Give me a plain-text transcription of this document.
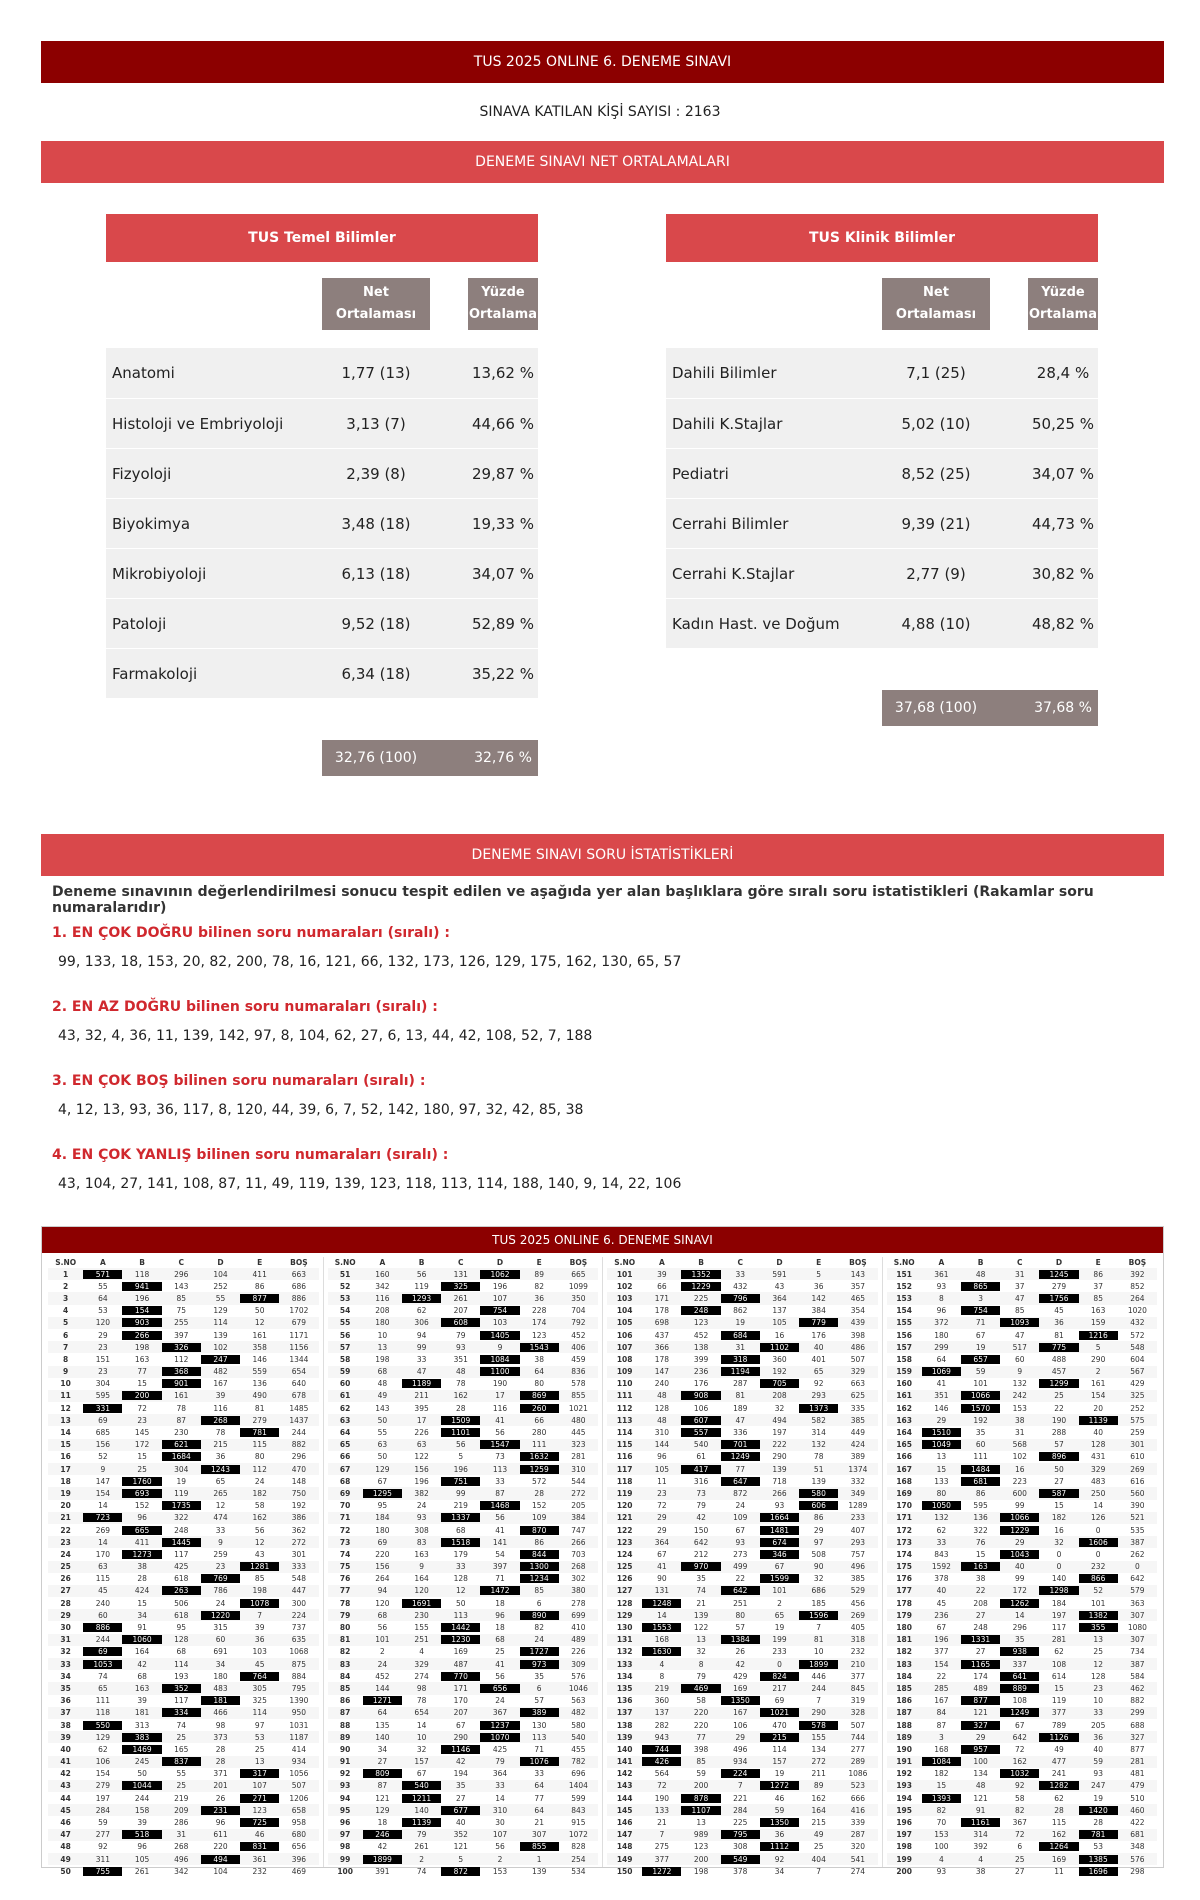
TUS 2025 ONLINE 6. DENEME SINAVI
SINAVA KATILAN KİŞİ SAYISI : 2163
DENEME SINAVI NET ORTALAMALARI
TUS Temel Bilimler
Net Ortalaması (Soru Sayısı)
Yüzde Ortalama
Anatomi	1,77 (13)	13,62 %
Histoloji ve Embriyoloji	3,13 (7)	44,66 %
Fizyoloji	2,39 (8)	29,87 %
Biyokimya	3,48 (18)	19,33 %
Mikrobiyoloji	6,13 (18)	34,07 %
Patoloji	9,52 (18)	52,89 %
Farmakoloji	6,34 (18)	35,22 %
32,76 (100)	32,76 %
TUS Klinik Bilimler
Net Ortalaması (Soru Sayısı)
Yüzde Ortalama
Dahili Bilimler	7,1 (25)	28,4 %
Dahili K.Stajlar	5,02 (10)	50,25 %
Pediatri	8,52 (25)	34,07 %
Cerrahi Bilimler	9,39 (21)	44,73 %
Cerrahi K.Stajlar	2,77 (9)	30,82 %
Kadın Hast. ve Doğum	4,88 (10)	48,82 %
37,68 (100)	37,68 %
DENEME SINAVI SORU İSTATİSTİKLERİ
Deneme sınavının değerlendirilmesi sonucu tespit edilen ve aşağıda yer alan başlıklara göre sıralı soru istatistikleri (Rakamlar soru numaralarıdır)
1. EN ÇOK DOĞRU bilinen soru numaraları (sıralı) :
99, 133, 18, 153, 20, 82, 200, 78, 16, 121, 66, 132, 173, 126, 129, 175, 162, 130, 65, 57
2. EN AZ DOĞRU bilinen soru numaraları (sıralı) :
43, 32, 4, 36, 11, 139, 142, 97, 8, 104, 62, 27, 6, 13, 44, 42, 108, 52, 7, 188
3. EN ÇOK BOŞ bilinen soru numaraları (sıralı) :
4, 12, 13, 93, 36, 117, 8, 120, 44, 39, 6, 7, 52, 142, 180, 97, 32, 42, 85, 38
4. EN ÇOK YANLIŞ bilinen soru numaraları (sıralı) :
43, 104, 27, 141, 108, 87, 11, 49, 119, 139, 123, 118, 113, 114, 188, 140, 9, 14, 22, 106
TUS 2025 ONLINE 6. DENEME SINAVI
S.NO	A	B	C	D	E	BOŞ
1	571	118	296	104	411	663
2	55	941	143	252	86	686
3	64	196	85	55	877	886
4	53	154	75	129	50	1702
5	120	903	255	114	12	679
6	29	266	397	139	161	1171
7	23	198	326	102	358	1156
8	151	163	112	247	146	1344
9	23	77	368	482	559	654
10	304	15	901	167	136	640
11	595	200	161	39	490	678
12	331	72	78	116	81	1485
13	69	23	87	268	279	1437
14	685	145	230	78	781	244
15	156	172	621	215	115	882
16	52	15	1684	36	80	296
17	9	25	304	1243	112	470
18	147	1760	19	65	24	148
19	154	693	119	265	182	750
20	14	152	1735	12	58	192
21	723	96	322	474	162	386
22	269	665	248	33	56	362
23	14	411	1445	9	12	272
24	170	1273	117	259	43	301
25	63	38	425	23	1281	333
26	115	28	618	769	85	548
27	45	424	263	786	198	447
28	240	15	506	24	1078	300
29	60	34	618	1220	7	224
30	886	91	95	315	39	737
31	244	1060	128	60	36	635
32	69	164	68	691	103	1068
33	1053	42	114	34	45	875
34	74	68	193	180	764	884
35	65	163	352	483	305	795
36	111	39	117	181	325	1390
37	118	181	334	466	114	950
38	550	313	74	98	97	1031
39	129	383	25	373	53	1187
40	62	1469	165	28	25	414
41	106	245	837	28	13	934
42	154	50	55	371	317	1056
43	279	1044	25	201	107	507
44	197	244	219	26	271	1206
45	284	158	209	231	123	658
46	59	39	286	96	725	958
47	277	518	31	611	46	680
48	92	96	268	220	831	656
49	311	105	496	494	361	396
50	755	261	342	104	232	469
S.NO	A	B	C	D	E	BOŞ
51	160	56	131	1062	89	665
52	342	119	325	196	82	1099
53	116	1293	261	107	36	350
54	208	62	207	754	228	704
55	180	306	608	103	174	792
56	10	94	79	1405	123	452
57	13	99	93	9	1543	406
58	198	33	351	1084	38	459
59	68	47	48	1100	64	836
60	48	1189	78	190	80	578
61	49	211	162	17	869	855
62	143	395	28	116	260	1021
63	50	17	1509	41	66	480
64	55	226	1101	56	280	445
65	63	63	56	1547	111	323
66	50	122	5	73	1632	281
67	129	156	196	113	1259	310
68	67	196	751	33	572	544
69	1295	382	99	87	28	272
70	95	24	219	1468	152	205
71	184	93	1337	56	109	384
72	180	308	68	41	870	747
73	69	83	1518	141	86	266
74	220	163	179	54	844	703
75	156	9	33	397	1300	268
76	264	164	128	71	1234	302
77	94	120	12	1472	85	380
78	120	1691	50	18	6	278
79	68	230	113	96	890	699
80	56	155	1442	18	82	410
81	101	251	1230	68	24	489
82	2	4	169	25	1727	226
83	24	329	487	41	973	309
84	452	274	770	56	35	576
85	144	98	171	656	6	1046
86	1271	78	170	24	57	563
87	64	654	207	367	389	482
88	135	14	67	1237	130	580
89	140	10	290	1070	113	540
90	34	32	1146	425	71	455
91	27	157	42	79	1076	782
92	809	67	194	364	33	696
93	87	540	35	33	64	1404
94	121	1211	27	14	77	599
95	129	140	677	310	64	843
96	18	1139	40	30	21	915
97	246	79	352	107	307	1072
98	42	261	121	56	855	828
99	1899	2	5	2	1	254
100	391	74	872	153	139	534
S.NO	A	B	C	D	E	BOŞ
101	39	1352	33	591	5	143
102	66	1229	432	43	36	357
103	171	225	796	364	142	465
104	178	248	862	137	384	354
105	698	123	19	105	779	439
106	437	452	684	16	176	398
107	366	138	31	1102	40	486
108	178	399	318	360	401	507
109	147	236	1194	192	65	329
110	240	176	287	705	92	663
111	48	908	81	208	293	625
112	128	106	189	32	1373	335
113	48	607	47	494	582	385
114	310	557	336	197	314	449
115	144	540	701	222	132	424
116	96	61	1249	290	78	389
117	105	417	77	139	51	1374
118	11	316	647	718	139	332
119	23	73	872	266	580	349
120	72	79	24	93	606	1289
121	29	42	109	1664	86	233
122	29	150	67	1481	29	407
123	364	642	93	674	97	293
124	67	212	273	346	508	757
125	41	970	499	67	90	496
126	90	35	22	1599	32	385
127	131	74	642	101	686	529
128	1248	21	251	2	185	456
129	14	139	80	65	1596	269
130	1553	122	57	19	7	405
131	168	13	1384	199	81	318
132	1630	32	26	233	10	232
133	4	8	42	0	1899	210
134	8	79	429	824	446	377
135	219	469	169	217	244	845
136	360	58	1350	69	7	319
137	137	220	167	1021	290	328
138	282	220	106	470	578	507
139	943	77	29	215	155	744
140	744	398	496	114	134	277
141	426	85	934	157	272	289
142	564	59	224	19	211	1086
143	72	200	7	1272	89	523
144	190	878	221	46	162	666
145	133	1107	284	59	164	416
146	21	13	225	1350	215	339
147	7	989	795	36	49	287
148	275	123	308	1112	25	320
149	377	200	549	92	404	541
150	1272	198	378	34	7	274
S.NO	A	B	C	D	E	BOŞ
151	361	48	31	1245	86	392
152	93	865	37	279	37	852
153	8	3	47	1756	85	264
154	96	754	85	45	163	1020
155	372	71	1093	36	159	432
156	180	67	47	81	1216	572
157	299	19	517	775	5	548
158	64	657	60	488	290	604
159	1069	59	9	457	2	567
160	41	101	132	1299	161	429
161	351	1066	242	25	154	325
162	146	1570	153	22	20	252
163	29	192	38	190	1139	575
164	1510	35	31	288	40	259
165	1049	60	568	57	128	301
166	13	111	102	896	431	610
167	15	1484	16	50	329	269
168	133	681	223	27	483	616
169	80	86	600	587	250	560
170	1050	595	99	15	14	390
171	132	136	1066	182	126	521
172	62	322	1229	16	0	535
173	33	76	29	32	1606	387
174	843	15	1043	0	0	262
175	1592	163	40	0	232	0
176	378	38	99	140	866	642
177	40	22	172	1298	52	579
178	45	208	1262	184	101	363
179	236	27	14	197	1382	307
180	67	248	296	117	355	1080
181	196	1331	35	281	13	307
182	377	27	938	62	25	734
183	154	1165	337	108	12	387
184	22	174	641	614	128	584
185	285	489	889	15	23	462
186	167	877	108	119	10	882
187	84	121	1249	377	33	299
188	87	327	67	789	205	688
189	3	29	642	1126	36	327
190	168	957	72	49	40	877
191	1084	100	162	477	59	281
192	182	134	1032	241	93	481
193	15	48	92	1282	247	479
194	1393	121	58	62	19	510
195	82	91	82	28	1420	460
196	70	1161	367	115	28	422
197	153	314	72	162	781	681
198	100	392	6	1264	53	348
199	4	4	25	169	1385	576
200	93	38	27	11	1696	298
